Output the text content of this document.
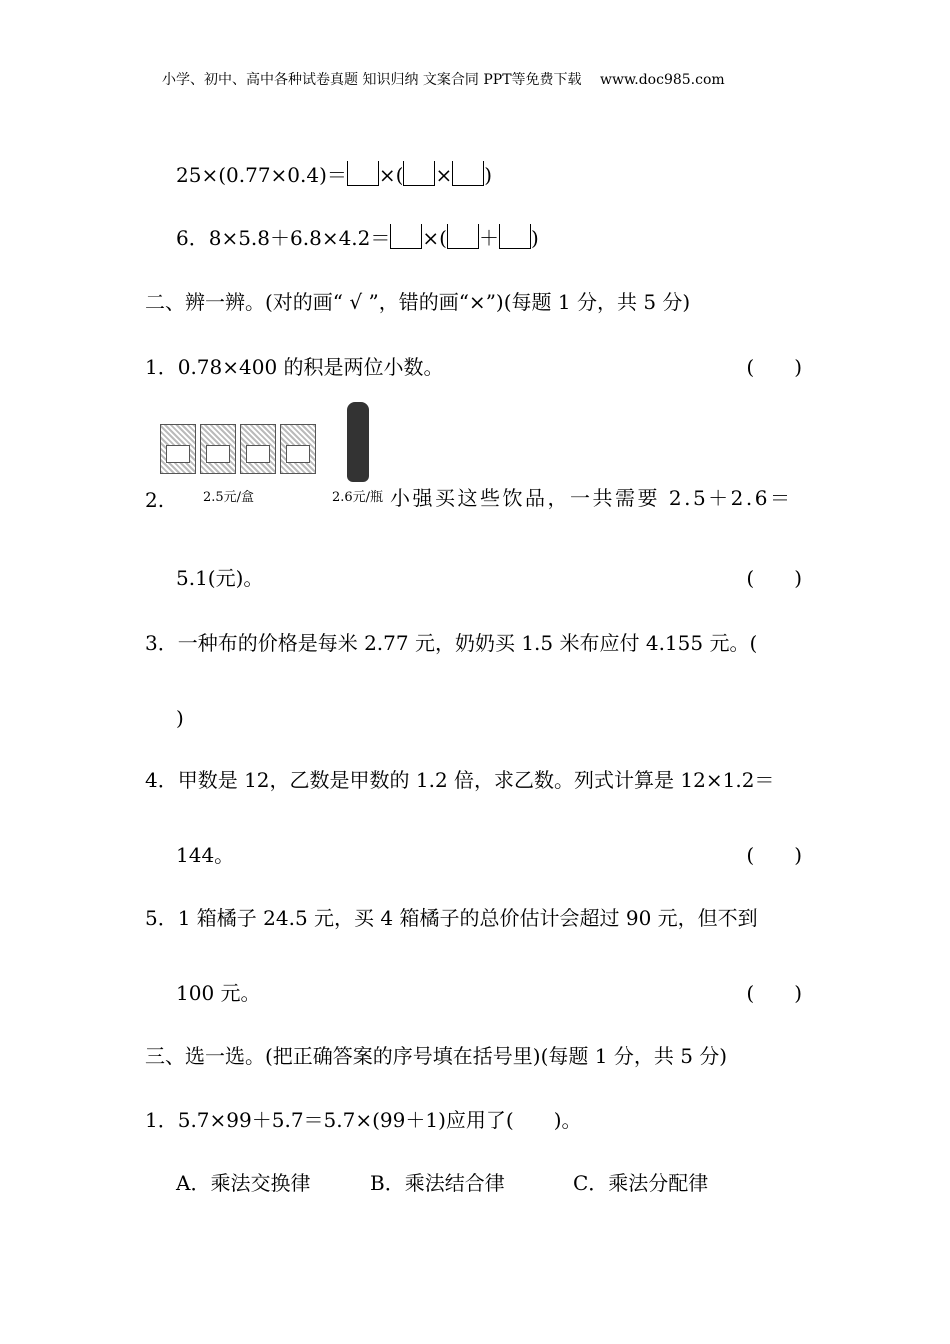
小学、初中、高中各种试卷真题 知识归纳 文案合同 PPT等免费下载　 www.doc985.com
25×(0.77×0.4)＝ ×( × )
6．8×5.8＋6.8×4.2＝ ×( ＋ )
二、辨一辨。(对的画“ √ ”，错的画“×”)(每题 1 分，共 5 分)
1．0.78×400 的积是两位小数。	(　　)
2.	2.5元/盒	2.6元/瓶 小强买这些饮品，一共需要 2.5＋2.6＝
5.1(元)。	(　　)
3．一种布的价格是每米 2.77 元，奶奶买 1.5 米布应付 4.155 元。(
)
4．甲数是 12，乙数是甲数的 1.2 倍，求乙数。列式计算是 12×1.2＝
144。	(　　)
5．1 箱橘子 24.5 元，买 4 箱橘子的总价估计会超过 90 元，但不到
100 元。	(　　)
三、选一选。(把正确答案的序号填在括号里)(每题 1 分，共 5 分)
1．5.7×99＋5.7＝5.7×(99＋1)应用了(　　)。
A．乘法交换律	B．乘法结合律	C．乘法分配律
